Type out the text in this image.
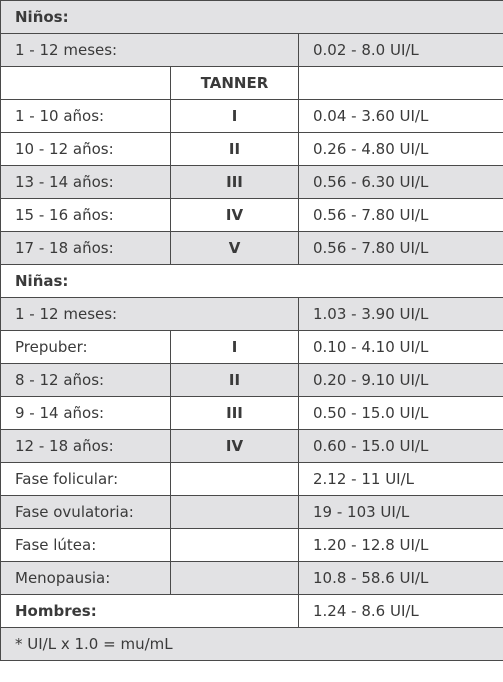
Niños:		
1 - 12 meses:		0.02 - 8.0 UI/L
	TANNER	
1 - 10 años:	I	0.04 - 3.60 UI/L
10 - 12 años:	II	0.26 - 4.80 UI/L
13 - 14 años:	III	0.56 - 6.30 UI/L
15 - 16 años:	IV	0.56 - 7.80 UI/L
17 - 18 años:	V	0.56 - 7.80 UI/L
Niñas:		
1 - 12 meses:		1.03 - 3.90 UI/L
Prepuber:	I	0.10 - 4.10 UI/L
8 - 12 años:	II	0.20 - 9.10 UI/L
9 - 14 años:	III	0.50 - 15.0 UI/L
12 - 18 años:	IV	0.60 - 15.0 UI/L
Fase folicular:		2.12 - 11 UI/L
Fase ovulatoria:		19 - 103 UI/L
Fase lútea:		1.20 - 12.8 UI/L
Menopausia:		10.8 - 58.6 UI/L
Hombres:		1.24 - 8.6 UI/L
* UI/L x 1.0 = mu/mL		
